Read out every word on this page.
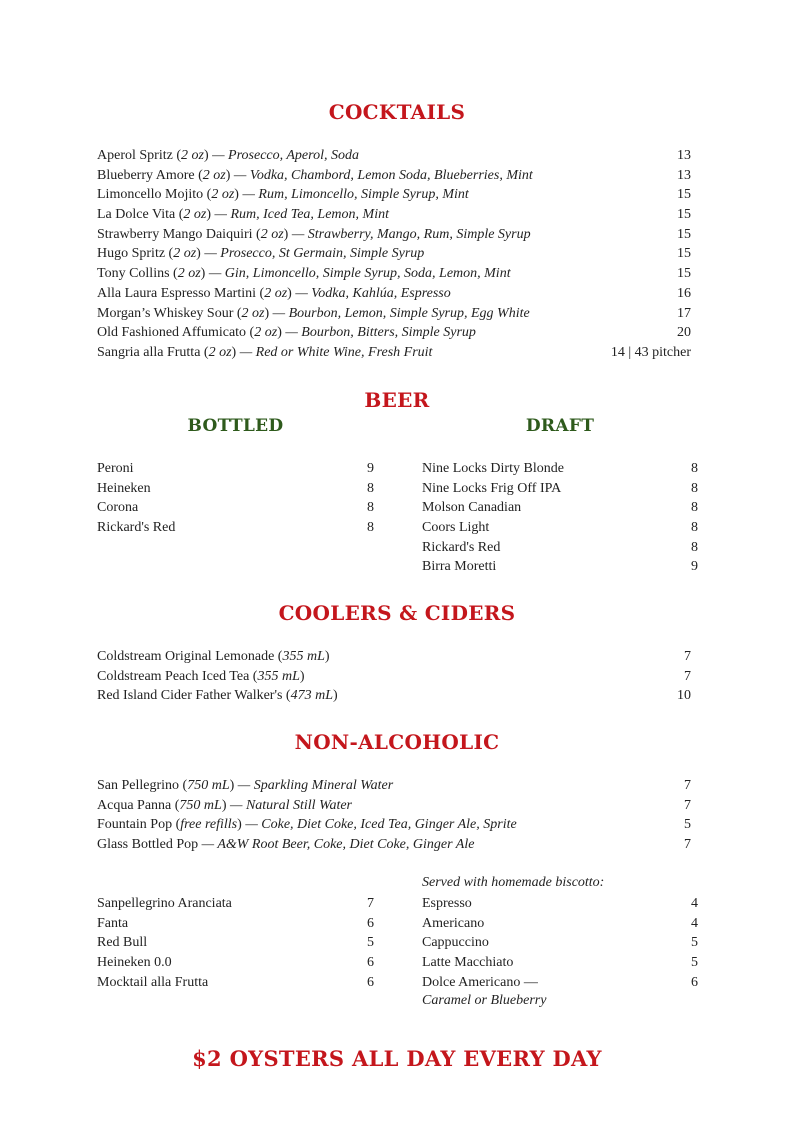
COCKTAILS
Aperol Spritz (2 oz) — Prosecco, Aperol, Soda	13
Blueberry Amore (2 oz) — Vodka, Chambord, Lemon Soda, Blueberries, Mint	13
Limoncello Mojito (2 oz) — Rum, Limoncello, Simple Syrup, Mint	15
La Dolce Vita (2 oz) — Rum, Iced Tea, Lemon, Mint	15
Strawberry Mango Daiquiri (2 oz) — Strawberry, Mango, Rum, Simple Syrup	15
Hugo Spritz (2 oz) — Prosecco, St Germain, Simple Syrup	15
Tony Collins (2 oz) — Gin, Limoncello, Simple Syrup, Soda, Lemon, Mint	15
Alla Laura Espresso Martini (2 oz) — Vodka, Kahlúa, Espresso	16
Morgan’s Whiskey Sour (2 oz) — Bourbon, Lemon, Simple Syrup, Egg White	17
Old Fashioned Affumicato (2 oz) — Bourbon, Bitters, Simple Syrup	20
Sangria alla Frutta (2 oz) — Red or White Wine, Fresh Fruit	14 | 43 pitcher
BEER
BOTTLED	DRAFT
Peroni	9
Heineken	8
Corona	8
Rickard's Red	8
Nine Locks Dirty Blonde	8
Nine Locks Frig Off IPA	8
Molson Canadian	8
Coors Light	8
Rickard's Red	8
Birra Moretti	9
COOLERS & CIDERS
Coldstream Original Lemonade (355 mL)	7
Coldstream Peach Iced Tea (355 mL)	7
Red Island Cider Father Walker's (473 mL)	10
NON-ALCOHOLIC
San Pellegrino (750 mL) — Sparkling Mineral Water	7
Acqua Panna (750 mL) — Natural Still Water	7
Fountain Pop (free refills) — Coke, Diet Coke, Iced Tea, Ginger Ale, Sprite	5
Glass Bottled Pop — A&W Root Beer, Coke, Diet Coke, Ginger Ale	7
Served with homemade biscotto:
Sanpellegrino Aranciata	7
Fanta	6
Red Bull	5
Heineken 0.0	6
Mocktail alla Frutta	6
Espresso	4
Americano	4
Cappuccino	5
Latte Macchiato	5
Dolce Americano —	6
Caramel or Blueberry
$2 OYSTERS ALL DAY EVERY DAY
